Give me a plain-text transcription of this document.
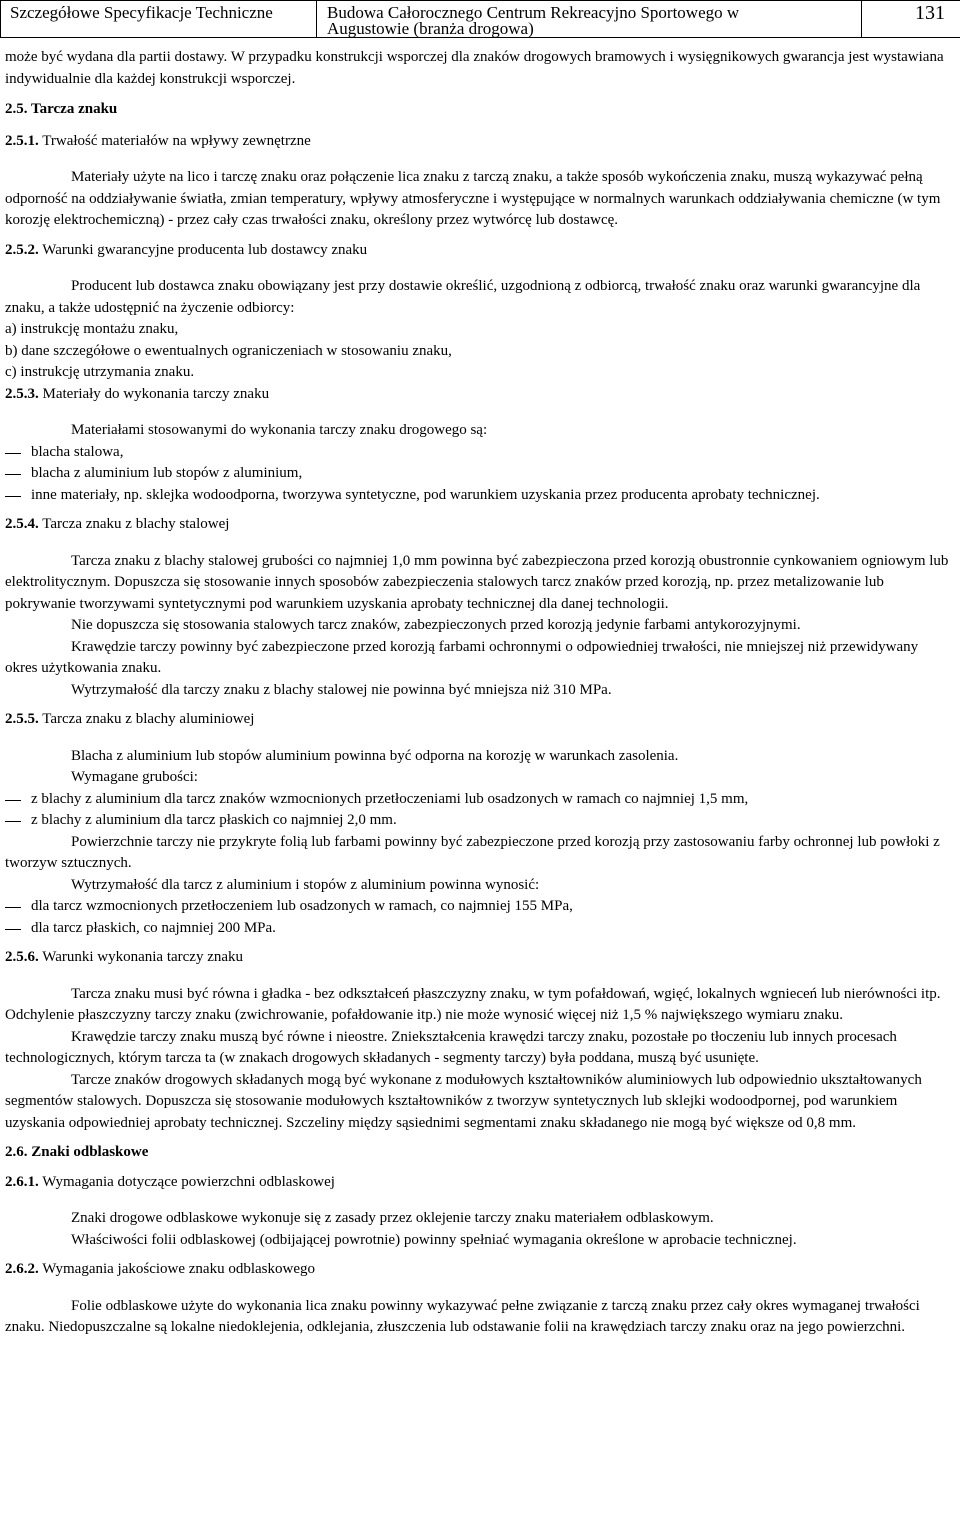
Szczegółowe Specyfikacje Techniczne	Budowa Całorocznego Centrum Rekreacyjno Sportowego w
Augustowie (branża drogowa)
131

może być wydana dla partii dostawy. W przypadku konstrukcji wsporczej dla znaków drogowych bramowych i wysięgnikowych gwarancja jest wystawiana indywidualnie dla każdej konstrukcji wsporczej.

2.5. Tarcza znaku

2.5.1. Trwałość materiałów na wpływy zewnętrzne

Materiały użyte na lico i tarczę znaku oraz połączenie lica znaku z tarczą znaku, a także sposób wykończenia znaku, muszą wykazywać pełną odporność na oddziaływanie światła, zmian temperatury, wpływy atmosferyczne i występujące w normalnych warunkach oddziaływania chemiczne (w tym korozję elektrochemiczną) - przez cały czas trwałości znaku, określony przez wytwórcę lub dostawcę.

2.5.2. Warunki gwarancyjne producenta lub dostawcy znaku

Producent lub dostawca znaku obowiązany jest przy dostawie określić, uzgodnioną z odbiorcą, trwałość znaku oraz warunki gwarancyjne dla znaku, a także udostępnić na życzenie odbiorcy:

a) instrukcję montażu znaku,

b) dane szczegółowe o ewentualnych ograniczeniach w stosowaniu znaku,

c) instrukcję utrzymania znaku.

2.5.3. Materiały do wykonania tarczy znaku

Materiałami stosowanymi do wykonania tarczy znaku drogowego są:

blacha stalowa,

blacha z aluminium lub stopów z aluminium,

inne materiały, np. sklejka wodoodporna, tworzywa syntetyczne, pod warunkiem uzyskania przez producenta aprobaty technicznej.

2.5.4. Tarcza znaku z blachy stalowej

Tarcza znaku z blachy stalowej grubości co najmniej 1,0 mm powinna być zabezpieczona przed korozją obustronnie cynkowaniem ogniowym lub elektrolitycznym. Dopuszcza się stosowanie innych sposobów zabezpieczenia stalowych tarcz znaków przed korozją, np. przez metalizowanie lub pokrywanie tworzywami syntetycznymi pod warunkiem uzyskania aprobaty technicznej dla danej technologii.

Nie dopuszcza się stosowania stalowych tarcz znaków, zabezpieczonych przed korozją jedynie farbami antykorozyjnymi.

Krawędzie tarczy powinny być zabezpieczone przed korozją farbami ochronnymi o odpowiedniej trwałości, nie mniejszej niż przewidywany okres użytkowania znaku.

Wytrzymałość dla tarczy znaku z blachy stalowej nie powinna być mniejsza niż 310 MPa.

2.5.5. Tarcza znaku z blachy aluminiowej

Blacha z aluminium lub stopów aluminium powinna być odporna na korozję w warunkach zasolenia.

Wymagane grubości:

z blachy z aluminium dla tarcz znaków wzmocnionych przetłoczeniami lub osadzonych w ramach co najmniej 1,5 mm,

z blachy z aluminium dla tarcz płaskich co najmniej 2,0 mm.

Powierzchnie tarczy nie przykryte folią lub farbami powinny być zabezpieczone przed korozją przy zastosowaniu farby ochronnej lub powłoki z tworzyw sztucznych.

Wytrzymałość dla tarcz z aluminium i stopów z aluminium powinna wynosić:

dla tarcz wzmocnionych przetłoczeniem lub osadzonych w ramach, co najmniej 155 MPa,

dla tarcz płaskich, co najmniej 200 MPa.

2.5.6. Warunki wykonania tarczy znaku

Tarcza znaku musi być równa i gładka - bez odkształceń płaszczyzny znaku, w tym pofałdowań, wgięć, lokalnych wgnieceń lub nierówności itp. Odchylenie płaszczyzny tarczy znaku (zwichrowanie, pofałdowanie itp.) nie może wynosić więcej niż 1,5 % największego wymiaru znaku.

Krawędzie tarczy znaku muszą być równe i nieostre. Zniekształcenia krawędzi tarczy znaku, pozostałe po tłoczeniu lub innych procesach technologicznych, którym tarcza ta (w znakach drogowych składanych - segmenty tarczy) była poddana, muszą być usunięte.

Tarcze znaków drogowych składanych mogą być wykonane z modułowych kształtowników aluminiowych lub odpowiednio ukształtowanych segmentów stalowych. Dopuszcza się stosowanie modułowych kształtowników z tworzyw syntetycznych lub sklejki wodoodpornej, pod warunkiem uzyskania odpowiedniej aprobaty technicznej. Szczeliny między sąsiednimi segmentami znaku składanego nie mogą być większe od 0,8 mm.

2.6. Znaki odblaskowe

2.6.1. Wymagania dotyczące powierzchni odblaskowej

Znaki drogowe odblaskowe wykonuje się z zasady przez oklejenie tarczy znaku materiałem odblaskowym.

Właściwości folii odblaskowej (odbijającej powrotnie) powinny spełniać wymagania określone w aprobacie technicznej.

2.6.2. Wymagania jakościowe znaku odblaskowego

Folie odblaskowe użyte do wykonania lica znaku powinny wykazywać pełne związanie z tarczą znaku przez cały okres wymaganej trwałości znaku. Niedopuszczalne są lokalne niedoklejenia, odklejania, złuszczenia lub odstawanie folii na krawędziach tarczy znaku oraz na jego powierzchni.
